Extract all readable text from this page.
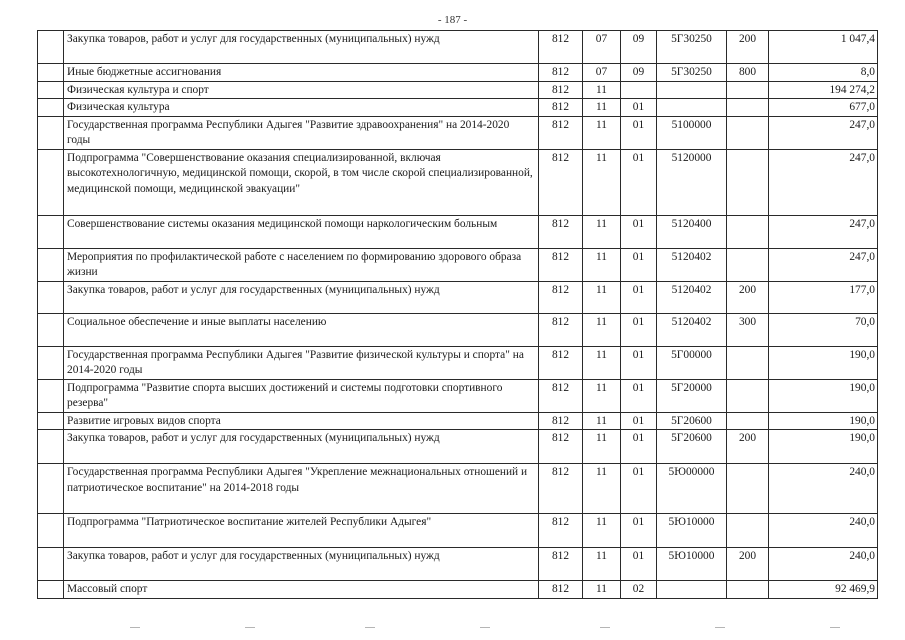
- 187 -
	Закупка товаров, работ и услуг для государственных (муниципальных) нужд	812	07	09	5Г30250	200	1 047,4
	Иные бюджетные ассигнования	812	07	09	5Г30250	800	8,0
	Физическая культура и спорт	812	11				194 274,2
	Физическая культура	812	11	01			677,0
	Государственная программа Республики Адыгея "Развитие здравоохранения" на 2014-2020 годы	812	11	01	5100000		247,0
	Подпрограмма "Совершенствование оказания специализированной, включая высокотехнологичную, медицинской помощи, скорой, в том числе скорой специализированной, медицинской помощи, медицинской эвакуации"	812	11	01	5120000		247,0
	Совершенствование системы оказания медицинской помощи наркологическим больным	812	11	01	5120400		247,0
	Мероприятия по профилактической работе с населением по формированию здорового образа жизни	812	11	01	5120402		247,0
	Закупка товаров, работ и услуг для государственных (муниципальных) нужд	812	11	01	5120402	200	177,0
	Социальное обеспечение и иные выплаты населению	812	11	01	5120402	300	70,0
	Государственная программа Республики Адыгея "Развитие физической культуры и спорта" на 2014-2020 годы	812	11	01	5Г00000		190,0
	Подпрограмма "Развитие спорта высших достижений и системы подготовки спортивного резерва"	812	11	01	5Г20000		190,0
	Развитие игровых видов спорта	812	11	01	5Г20600		190,0
	Закупка товаров, работ и услуг для государственных (муниципальных) нужд	812	11	01	5Г20600	200	190,0
	Государственная программа Республики Адыгея "Укрепление межнациональных отношений и патриотическое воспитание" на 2014-2018 годы	812	11	01	5Ю00000		240,0
	Подпрограмма "Патриотическое воспитание жителей Республики Адыгея"	812	11	01	5Ю10000		240,0
	Закупка товаров, работ и услуг для государственных (муниципальных) нужд	812	11	01	5Ю10000	200	240,0
	Массовый спорт	812	11	02			92 469,9
